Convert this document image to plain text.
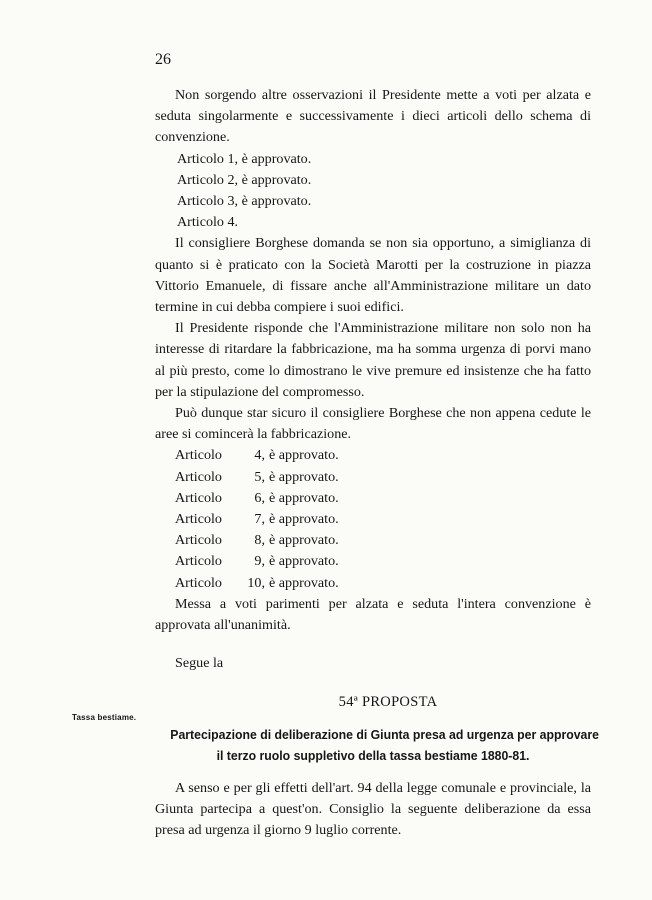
26

Non sorgendo altre osservazioni il Presidente mette a voti per alzata e seduta singolarmente e successivamente i dieci articoli dello schema di convenzione.

Articolo 1, è approvato.

Articolo 2, è approvato.

Articolo 3, è approvato.

Articolo 4.

Il consigliere Borghese domanda se non sia opportuno, a simiglianza di quanto si è praticato con la Società Marotti per la costruzione in piazza Vittorio Emanuele, di fissare anche all'Amministrazione militare un dato termine in cui debba compiere i suoi edifici.

Il Presidente risponde che l'Amministrazione militare non solo non ha interesse di ritardare la fabbricazione, ma ha somma urgenza di porvi mano al più presto, come lo dimostrano le vive premure ed insistenze che ha fatto per la stipulazione del compromesso.

Può dunque star sicuro il consigliere Borghese che non appena cedute le aree si comincerà la fabbricazione.

Articolo 4, è approvato.

Articolo 5, è approvato.

Articolo 6, è approvato.

Articolo 7, è approvato.

Articolo 8, è approvato.

Articolo 9, è approvato.

Articolo 10, è approvato.

Messa a voti parimenti per alzata e seduta l'intera convenzione è approvata all'unanimità.

Segue la

54ª PROPOSTA

Partecipazione di deliberazione di Giunta presa ad urgenza per approvare

il terzo ruolo suppletivo della tassa bestiame 1880-81.

A senso e per gli effetti dell'art. 94 della legge comunale e provinciale, la Giunta partecipa a quest'on. Consiglio la seguente deliberazione da essa presa ad urgenza il giorno 9 luglio corrente.

Tassa bestiame.
